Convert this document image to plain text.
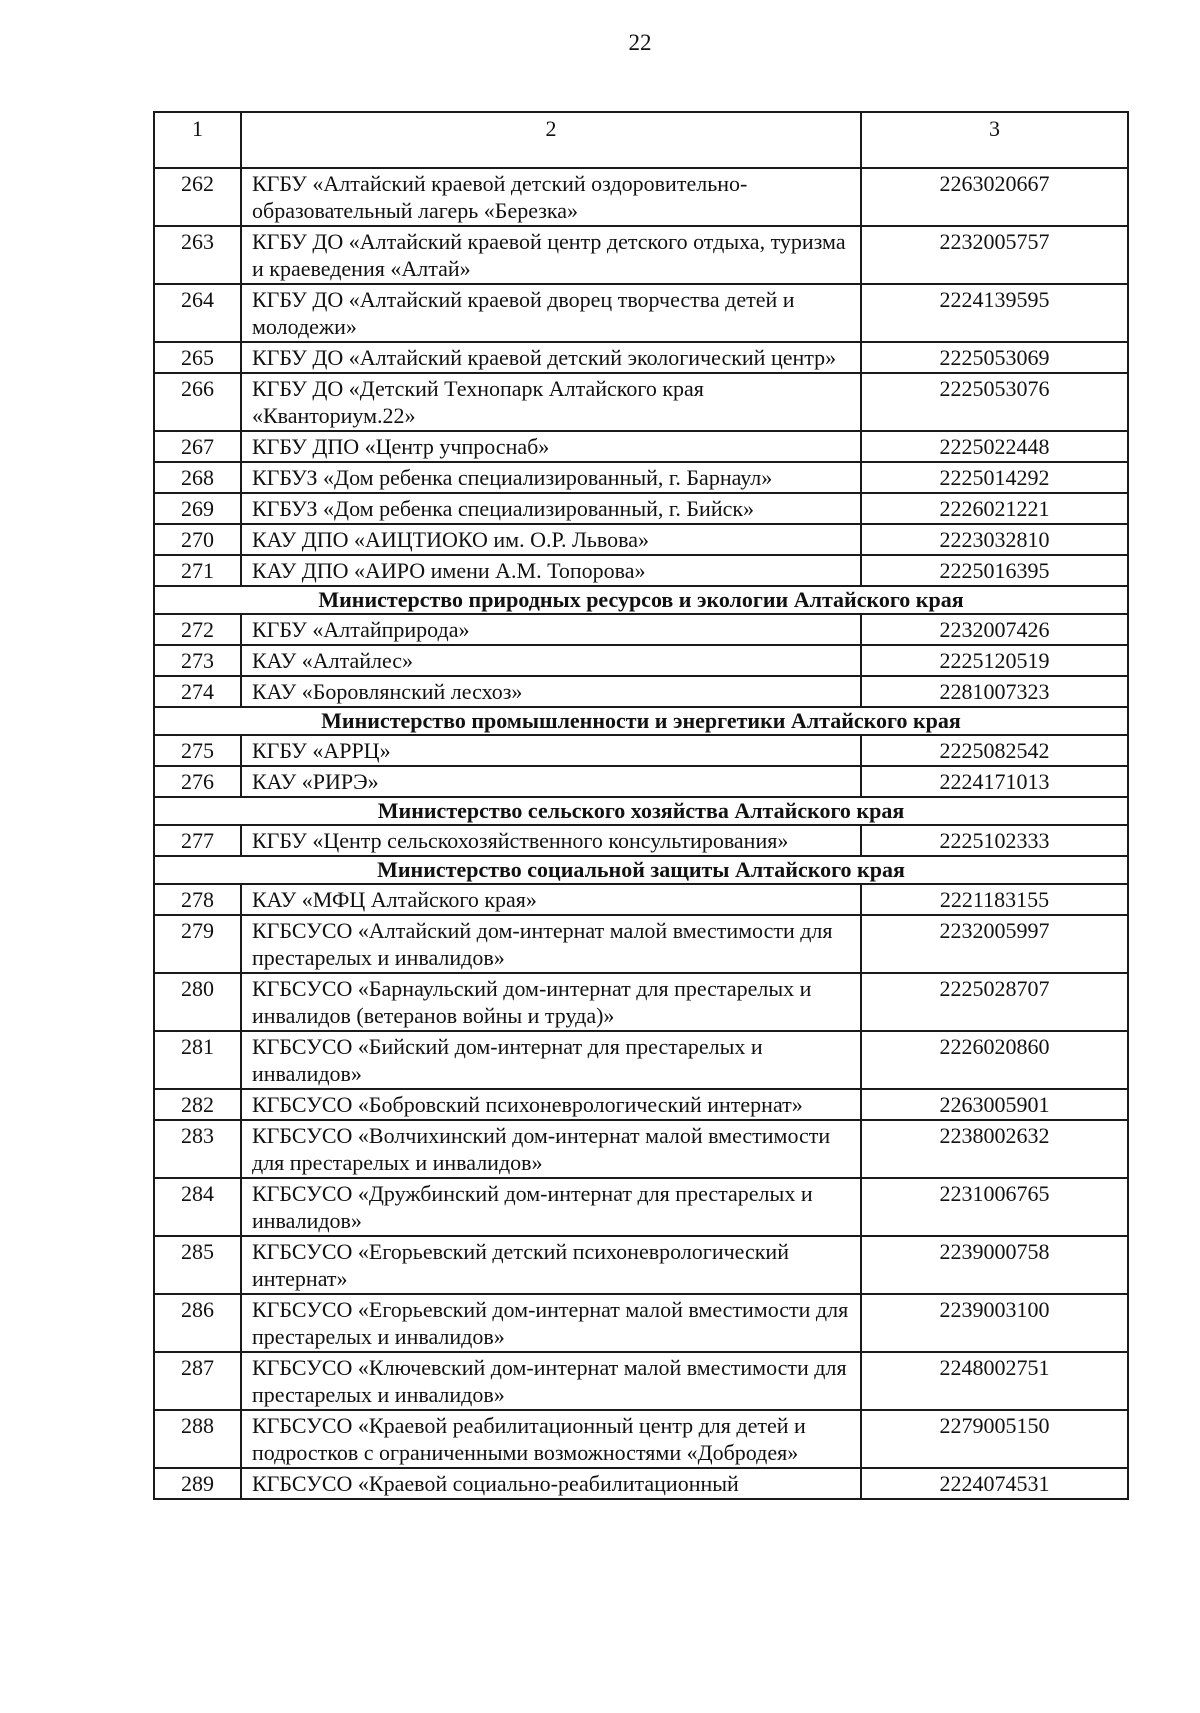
22
1	2	3
262	КГБУ «Алтайский краевой детский оздоровительно-образовательный лагерь «Березка»	2263020667
263	КГБУ ДО «Алтайский краевой центр детского отдыха, туризма и краеведения «Алтай»	2232005757
264	КГБУ ДО «Алтайский краевой дворец творчества детей и молодежи»	2224139595
265	КГБУ ДО «Алтайский краевой детский экологический центр»	2225053069
266	КГБУ ДО «Детский Технопарк Алтайского края «Кванториум.22»	2225053076
267	КГБУ ДПО «Центр учпроснаб»	2225022448
268	КГБУЗ «Дом ребенка специализированный, г. Барнаул»	2225014292
269	КГБУЗ «Дом ребенка специализированный, г. Бийск»	2226021221
270	КАУ ДПО «АИЦТИОКО им. О.Р. Львова»	2223032810
271	КАУ ДПО «АИРО имени А.М. Топорова»	2225016395
Министерство природных ресурсов и экологии Алтайского края		
272	КГБУ «Алтайприрода»	2232007426
273	КАУ «Алтайлес»	2225120519
274	КАУ «Боровлянский лесхоз»	2281007323
Министерство промышленности и энергетики Алтайского края		
275	КГБУ «АРРЦ»	2225082542
276	КАУ «РИРЭ»	2224171013
Министерство сельского хозяйства Алтайского края		
277	КГБУ «Центр сельскохозяйственного консультирования»	2225102333
Министерство социальной защиты Алтайского края		
278	КАУ «МФЦ Алтайского края»	2221183155
279	КГБСУСО «Алтайский дом-интернат малой вместимости для престарелых и инвалидов»	2232005997
280	КГБСУСО «Барнаульский дом-интернат для престарелых и инвалидов (ветеранов войны и труда)»	2225028707
281	КГБСУСО «Бийский дом-интернат для престарелых и инвалидов»	2226020860
282	КГБСУСО «Бобровский психоневрологический интернат»	2263005901
283	КГБСУСО «Волчихинский дом-интернат малой вместимости для престарелых и инвалидов»	2238002632
284	КГБСУСО «Дружбинский дом-интернат для престарелых и инвалидов»	2231006765
285	КГБСУСО «Егорьевский детский психоневрологический интернат»	2239000758
286	КГБСУСО «Егорьевский дом-интернат малой вместимости для престарелых и инвалидов»	2239003100
287	КГБСУСО «Ключевский дом-интернат малой вместимости для престарелых и инвалидов»	2248002751
288	КГБСУСО «Краевой реабилитационный центр для детей и подростков с ограниченными возможностями «Добродея»	2279005150
289	КГБСУСО «Краевой социально-реабилитационный	2224074531
